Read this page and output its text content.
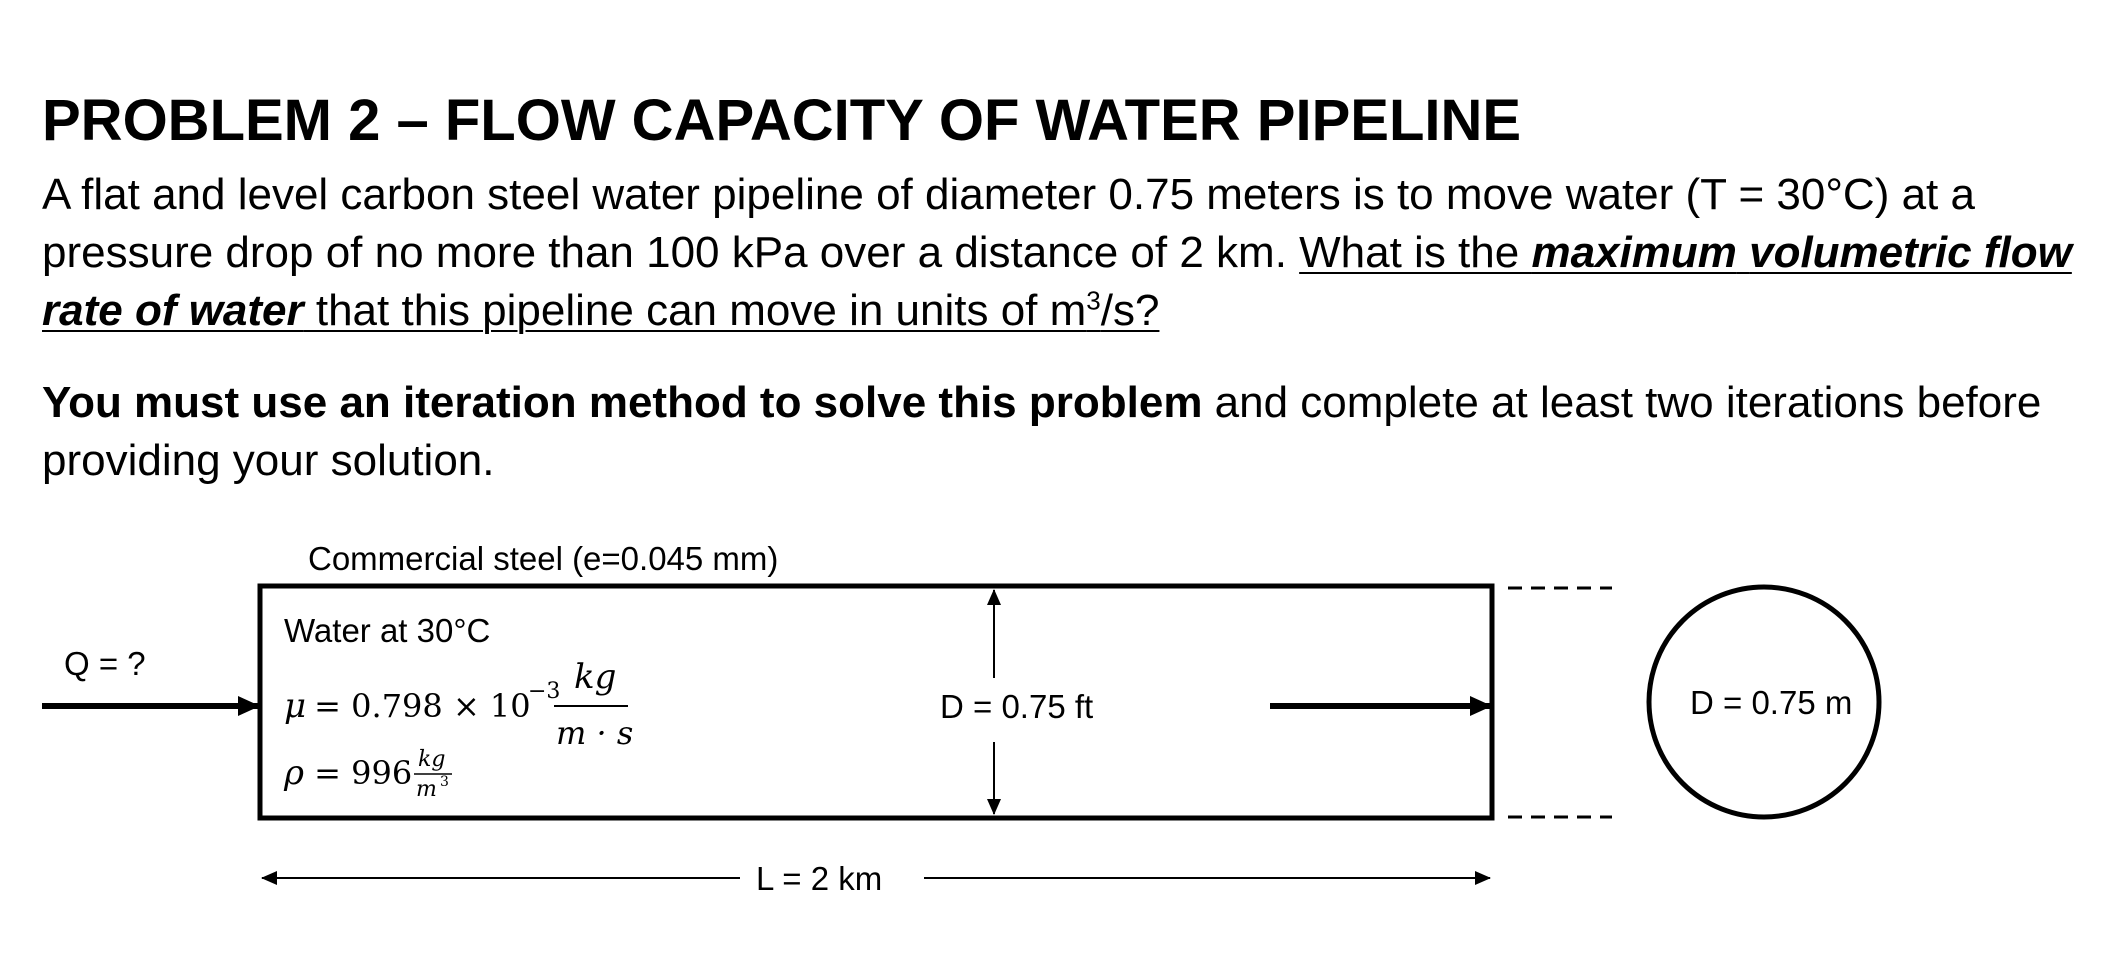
PROBLEM 2 – FLOW CAPACITY OF WATER PIPELINE

A flat and level carbon steel water pipeline of diameter 0.75 meters is to move water (T = 30°C) at a pressure drop of no more than 100 kPa over a distance of 2 km. What is the maximum volumetric flow rate of water that this pipeline can move in units of $m^3/s$?

You must use an iteration method to solve this problem and complete at least two iterations before providing your solution.

Commercial steel (e=0.045 mm)
Q = ?
Water at 30°C
μ
= 0.798 × 10
−3 kg
m · s
ρ = 996 kg
m 3
D = 0.75 ft	D = 0.75 m
L = 2 km
